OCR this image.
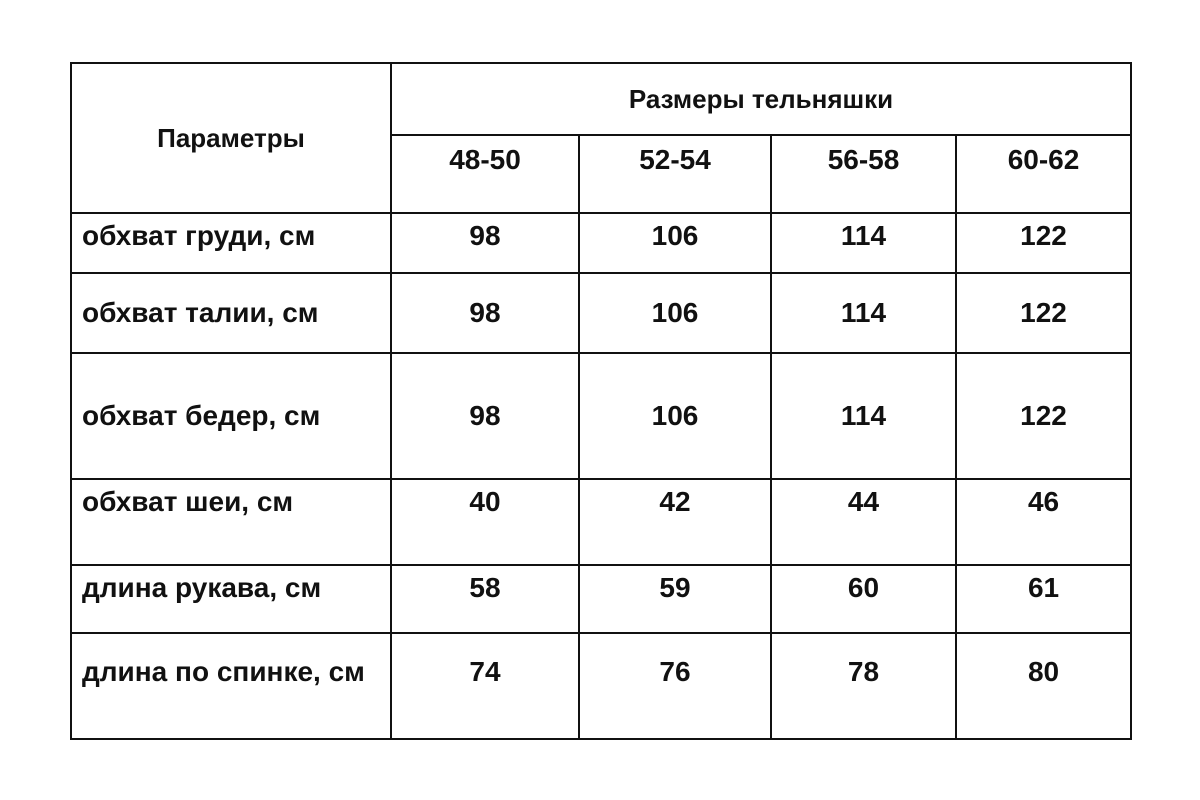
Параметры	Размеры тельняшки			
	48-50	52-54	56-58	60-62
обхват груди, см	98	106	114	122
обхват талии, см	98	106	114	122
обхват бедер, см	98	106	114	122
обхват шеи, см	40	42	44	46
длина рукава, см	58	59	60	61
длина по спинке, см	74	76	78	80
